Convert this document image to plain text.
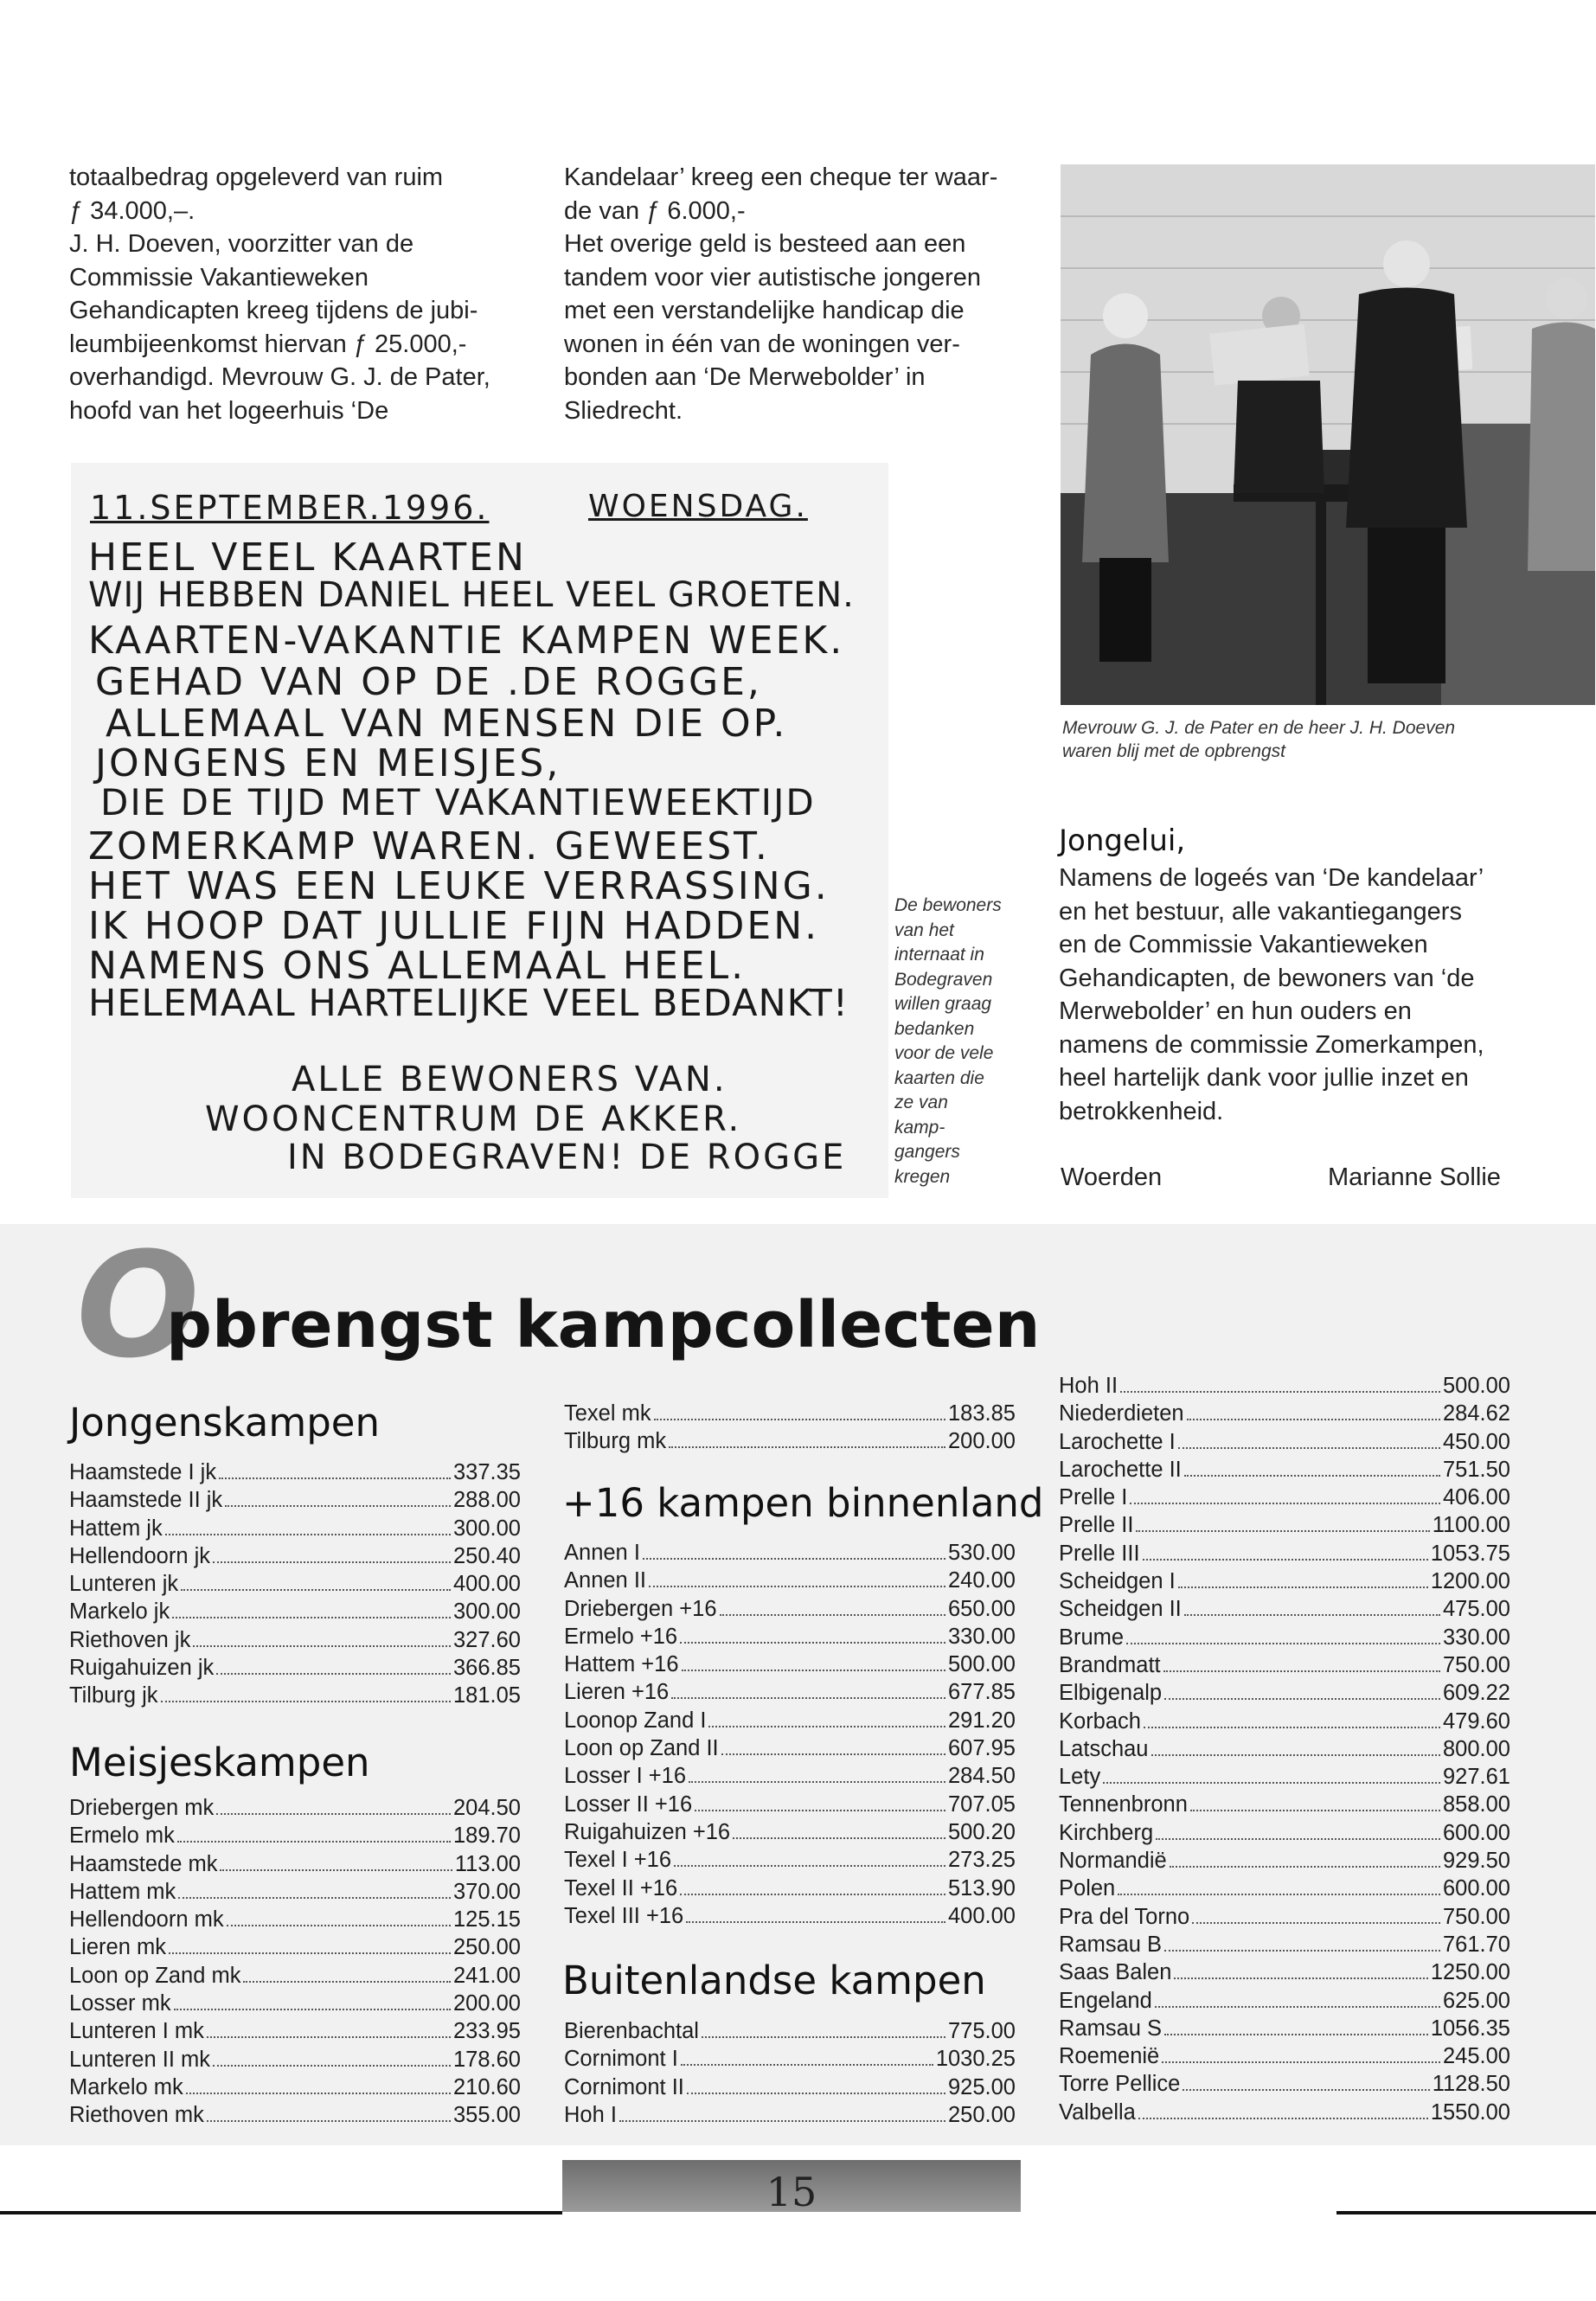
totaalbedrag opgeleverd van ruim
ƒ 34.000,–.
J. H. Doeven, voorzitter van de
Commissie Vakantieweken
Gehandicapten kreeg tijdens de jubi-
leumbijeenkomst hiervan ƒ 25.000,-
overhandigd. Mevrouw G. J. de Pater,
hoofd van het logeerhuis ‘De
Kandelaar’ kreeg een cheque ter waar-
de van ƒ 6.000,-
Het overige geld is besteed aan een
tandem voor vier autistische jongeren
met een verstandelijke handicap die
wonen in één van de woningen ver-
bonden aan ‘De Merwebolder’ in
Sliedrecht.
Mevrouw G. J. de Pater en de heer J. H. Doeven
waren blij met de opbrengst
11.SEPTEMBER.1996.	WOENSDAG.
HEEL VEEL KAARTEN
WIJ HEBBEN DANIEL HEEL VEEL GROETEN.
KAARTEN-VAKANTIE KAMPEN WEEK.
GEHAD VAN OP DE .DE ROGGE,
ALLEMAAL VAN MENSEN DIE OP.
JONGENS EN MEISJES,
DIE DE TIJD MET VAKANTIEWEEKTIJD
ZOMERKAMP WAREN. GEWEEST.
HET WAS EEN LEUKE VERRASSING.
IK HOOP DAT JULLIE FIJN HADDEN.
NAMENS ONS ALLEMAAL HEEL.
HELEMAAL HARTELIJKE VEEL BEDANKT!
ALLE BEWONERS VAN.
WOONCENTRUM DE AKKER.
IN BODEGRAVEN! DE ROGGE
De bewoners
van het
internaat in
Bodegraven
willen graag
bedanken
voor de vele
kaarten die
ze van
kamp-
gangers
kregen
Jongelui,
Namens de logeés van ‘De kandelaar’
en het bestuur, alle vakantiegangers
en de Commissie Vakantieweken
Gehandicapten, de bewoners van ‘de
Merwebolder’ en hun ouders en
namens de commissie Zomerkampen,
heel hartelijk dank voor jullie inzet en
betrokkenheid.
Woerden	Marianne Sollie
O
pbrengst kampcollecten
Jongenskampen
Haamstede I jk	337.35
Haamstede II jk	288.00
Hattem jk	300.00
Hellendoorn jk	250.40
Lunteren jk	400.00
Markelo jk	300.00
Riethoven jk	327.60
Ruigahuizen jk	366.85
Tilburg jk	181.05
Meisjeskampen
Driebergen mk	204.50
Ermelo mk	189.70
Haamstede mk	113.00
Hattem mk	370.00
Hellendoorn mk	125.15
Lieren mk	250.00
Loon op Zand mk	241.00
Losser mk	200.00
Lunteren I mk	233.95
Lunteren II mk	178.60
Markelo mk	210.60
Riethoven mk	355.00
Texel mk	183.85
Tilburg mk	200.00
+16 kampen binnenland
Annen I	530.00
Annen II	240.00
Driebergen +16	650.00
Ermelo +16	330.00
Hattem +16	500.00
Lieren +16	677.85
Loonop Zand I	291.20
Loon op Zand II	607.95
Losser I +16	284.50
Losser II +16	707.05
Ruigahuizen +16	500.20
Texel I +16	273.25
Texel II +16	513.90
Texel III +16	400.00
Buitenlandse kampen
Bierenbachtal	775.00
Cornimont I	1030.25
Cornimont II	925.00
Hoh I	250.00
Hoh II	500.00
Niederdieten	284.62
Larochette I	450.00
Larochette II	751.50
Prelle I	406.00
Prelle II	1100.00
Prelle III	1053.75
Scheidgen I	1200.00
Scheidgen II	475.00
Brume	330.00
Brandmatt	750.00
Elbigenalp	609.22
Korbach	479.60
Latschau	800.00
Lety	927.61
Tennenbronn	858.00
Kirchberg	600.00
Normandië	929.50
Polen	600.00
Pra del Torno	750.00
Ramsau B	761.70
Saas Balen	1250.00
Engeland	625.00
Ramsau S	1056.35
Roemenië	245.00
Torre Pellice	1128.50
Valbella	1550.00
15
